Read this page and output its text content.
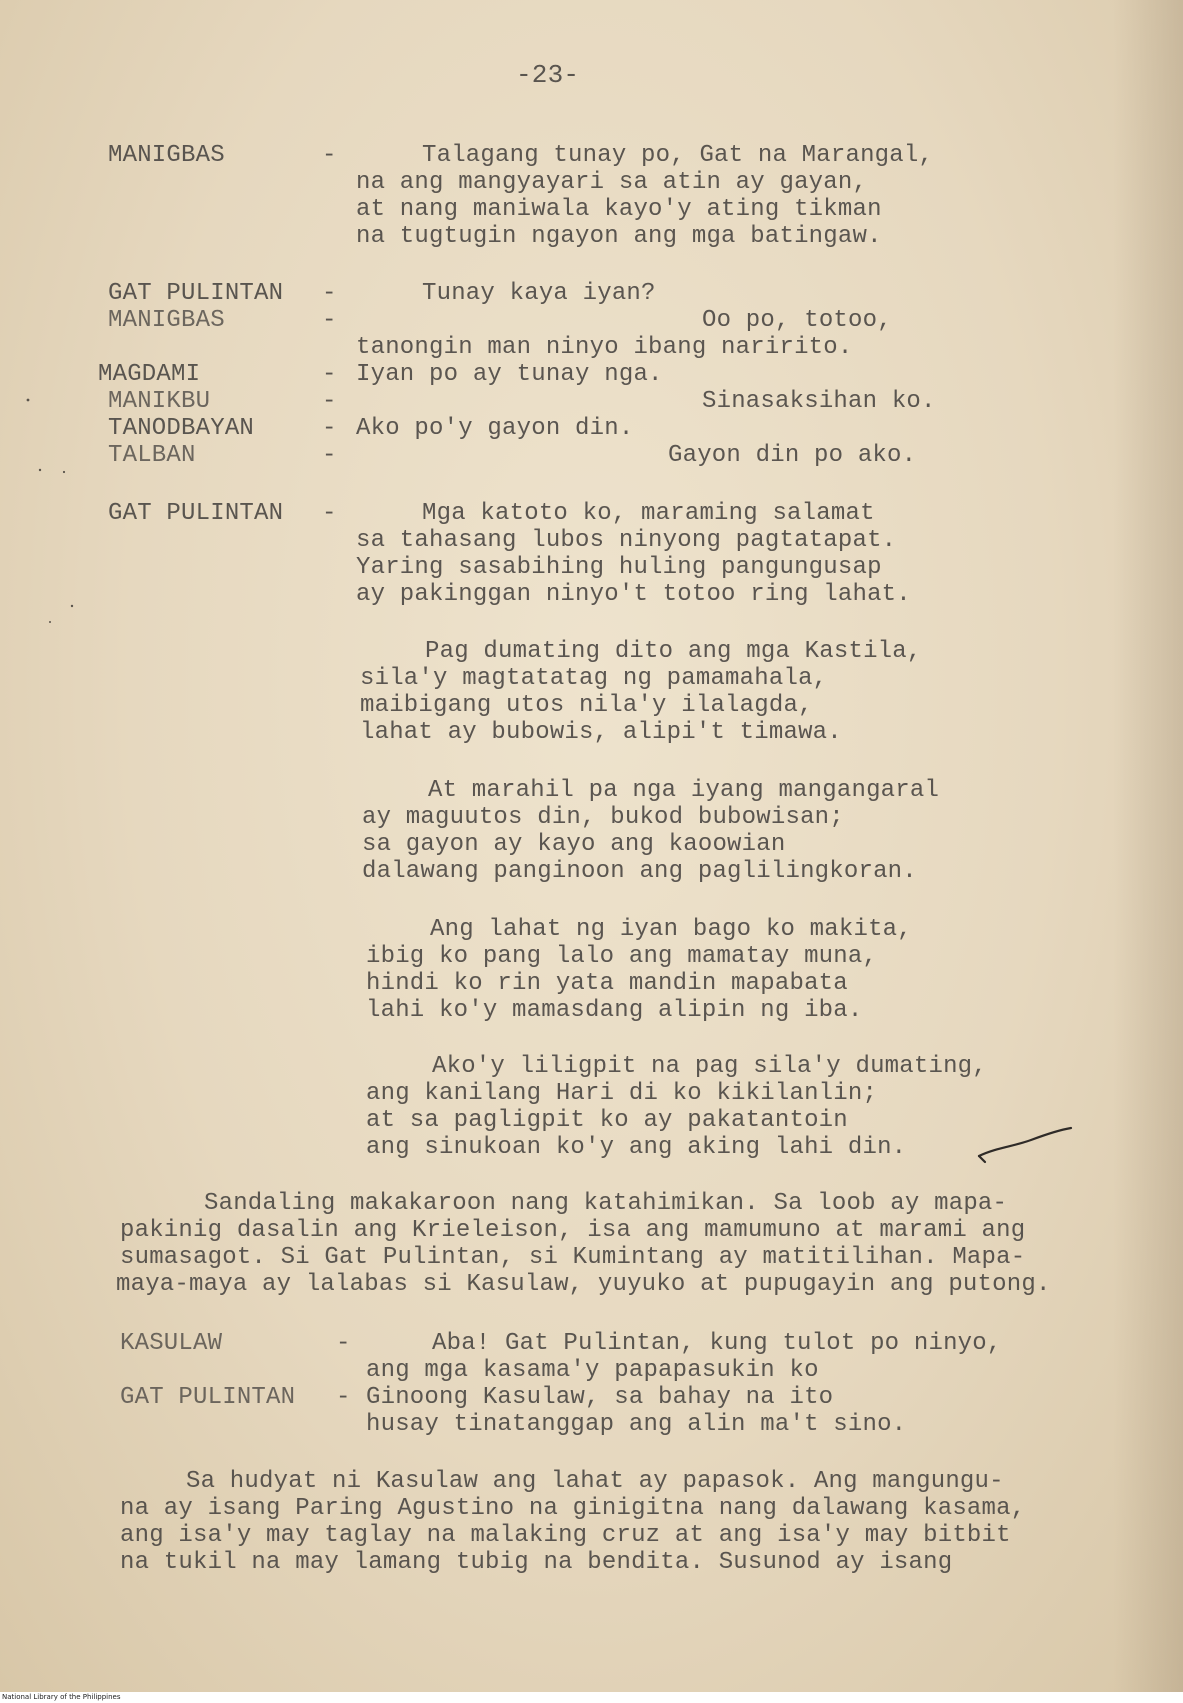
-23-
MANIGBAS	-	Talagang tunay po, Gat na Marangal,
na ang mangyayari sa atin ay gayan,
at nang maniwala kayo'y ating tikman
na tugtugin ngayon ang mga batingaw.
GAT PULINTAN -	Tunay kaya iyan?
MANIGBAS	-	Oo po, totoo,
tanongin man ninyo ibang naririto.
MAGDAMI	- Iyan po ay tunay nga.
MANIKBU	-	Sinasaksihan ko.
TANODBAYAN	- Ako po'y gayon din.
TALBAN	-	Gayon din po ako.
GAT PULINTAN -	Mga katoto ko, maraming salamat
sa tahasang lubos ninyong pagtatapat.
Yaring sasabihing huling pangungusap
ay pakinggan ninyo't totoo ring lahat.
Pag dumating dito ang mga Kastila,
sila'y magtatatag ng pamamahala,
maibigang utos nila'y ilalagda,
lahat ay bubowis, alipi't timawa.
At marahil pa nga iyang mangangaral
ay maguutos din, bukod bubowisan;
sa gayon ay kayo ang kaoowian
dalawang panginoon ang paglilingkoran.
Ang lahat ng iyan bago ko makita,
ibig ko pang lalo ang mamatay muna,
hindi ko rin yata mandin mapabata
lahi ko'y mamasdang alipin ng iba.
Ako'y liligpit na pag sila'y dumating,
ang kanilang Hari di ko kikilanlin;
at sa pagligpit ko ay pakatantoin
ang sinukoan ko'y ang aking lahi din.
Sandaling makakaroon nang katahimikan. Sa loob ay mapa-
pakinig dasalin ang Krieleison, isa ang mamumuno at marami ang
sumasagot. Si Gat Pulintan, si Kumintang ay matitilihan. Mapa-
maya-maya ay lalabas si Kasulaw, yuyuko at pupugayin ang putong.
KASULAW	-	Aba! Gat Pulintan, kung tulot po ninyo,
ang mga kasama'y papapasukin ko
GAT PULINTAN - Ginoong Kasulaw, sa bahay na ito
husay tinatanggap ang alin ma't sino.
Sa hudyat ni Kasulaw ang lahat ay papasok. Ang mangungu-
na ay isang Paring Agustino na ginigitna nang dalawang kasama,
ang isa'y may taglay na malaking cruz at ang isa'y may bitbit
na tukil na may lamang tubig na bendita. Susunod ay isang
National Library of the Philippines
